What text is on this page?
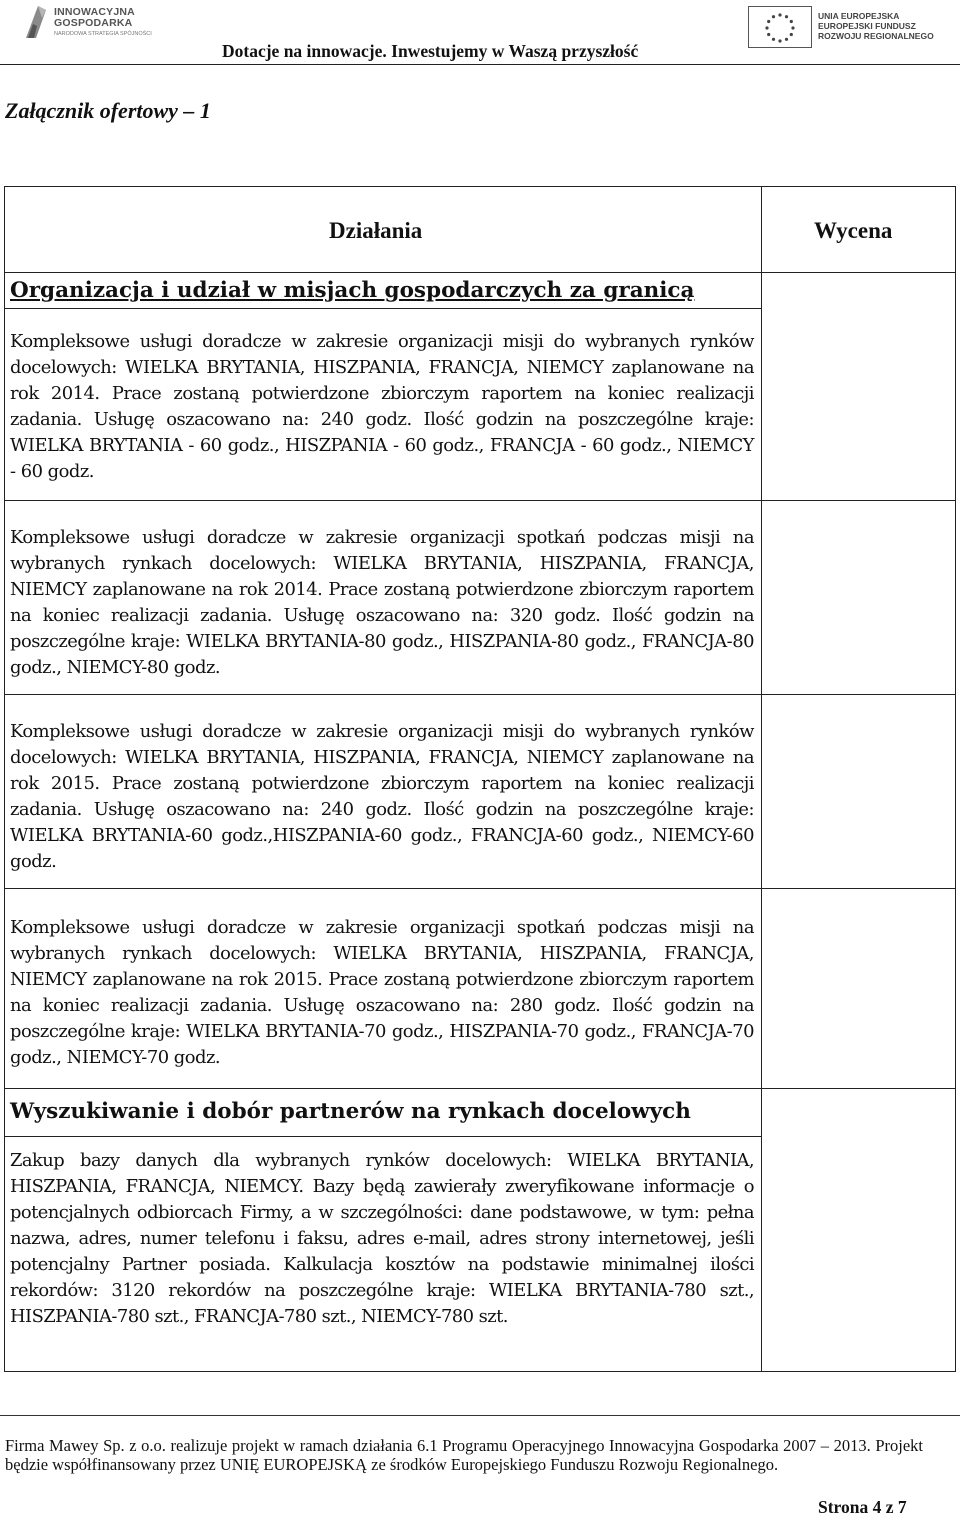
INNOWACYJNA
GOSPODARKA
NARODOWA STRATEGIA SPÓJNOŚCI
Dotacje na innowacje. Inwestujemy w Waszą przyszłość
UNIA EUROPEJSKA
EUROPEJSKI FUNDUSZ
ROZWOJU REGIONALNEGO
Załącznik ofertowy – 1
Działania	Wycena
Organizacja i udział w misjach gospodarczych za granicą
Kompleksowe usługi doradcze w zakresie organizacji misji do wybranych rynków docelowych: WIELKA BRYTANIA, HISZPANIA, FRANCJA, NIEMCY zaplanowane na rok 2014. Prace zostaną potwierdzone zbiorczym raportem na koniec realizacji zadania. Usługę oszacowano na: 240 godz. Ilość godzin na poszczególne kraje: WIELKA BRYTANIA - 60 godz., HISZPANIA - 60 godz., FRANCJA - 60 godz., NIEMCY - 60 godz.
Kompleksowe usługi doradcze w zakresie organizacji spotkań podczas misji na wybranych rynkach docelowych: WIELKA BRYTANIA, HISZPANIA, FRANCJA, NIEMCY zaplanowane na rok 2014. Prace zostaną potwierdzone zbiorczym raportem na koniec realizacji zadania. Usługę oszacowano na: 320 godz. Ilość godzin na poszczególne kraje: WIELKA BRYTANIA-80 godz., HISZPANIA-80 godz., FRANCJA-80 godz., NIEMCY-80 godz.
Kompleksowe usługi doradcze w zakresie organizacji misji do wybranych rynków docelowych: WIELKA BRYTANIA, HISZPANIA, FRANCJA, NIEMCY zaplanowane na rok 2015. Prace zostaną potwierdzone zbiorczym raportem na koniec realizacji zadania. Usługę oszacowano na: 240 godz. Ilość godzin na poszczególne kraje: WIELKA BRYTANIA-60 godz.,HISZPANIA-60 godz., FRANCJA-60 godz., NIEMCY-60 godz.
Kompleksowe usługi doradcze w zakresie organizacji spotkań podczas misji na wybranych rynkach docelowych: WIELKA BRYTANIA, HISZPANIA, FRANCJA, NIEMCY zaplanowane na rok 2015. Prace zostaną potwierdzone zbiorczym raportem na koniec realizacji zadania. Usługę oszacowano na: 280 godz. Ilość godzin na poszczególne kraje: WIELKA BRYTANIA-70 godz., HISZPANIA-70 godz., FRANCJA-70 godz., NIEMCY-70 godz.
Wyszukiwanie i dobór partnerów na rynkach docelowych
Zakup bazy danych dla wybranych rynków docelowych: WIELKA BRYTANIA, HISZPANIA, FRANCJA, NIEMCY. Bazy będą zawierały zweryfikowane informacje o potencjalnych odbiorcach Firmy, a w szczególności: dane podstawowe, w tym: pełna nazwa, adres, numer telefonu i faksu, adres e-mail, adres strony internetowej, jeśli potencjalny Partner posiada. Kalkulacja kosztów na podstawie minimalnej ilości rekordów: 3120 rekordów na poszczególne kraje: WIELKA BRYTANIA-780 szt., HISZPANIA-780 szt., FRANCJA-780 szt., NIEMCY-780 szt.
Firma Mawey Sp. z o.o. realizuje projekt w ramach działania 6.1 Programu Operacyjnego Innowacyjna Gospodarka 2007 – 2013. Projekt będzie współfinansowany przez UNIĘ EUROPEJSKĄ ze środków Europejskiego Funduszu Rozwoju Regionalnego.
Strona 4 z 7
